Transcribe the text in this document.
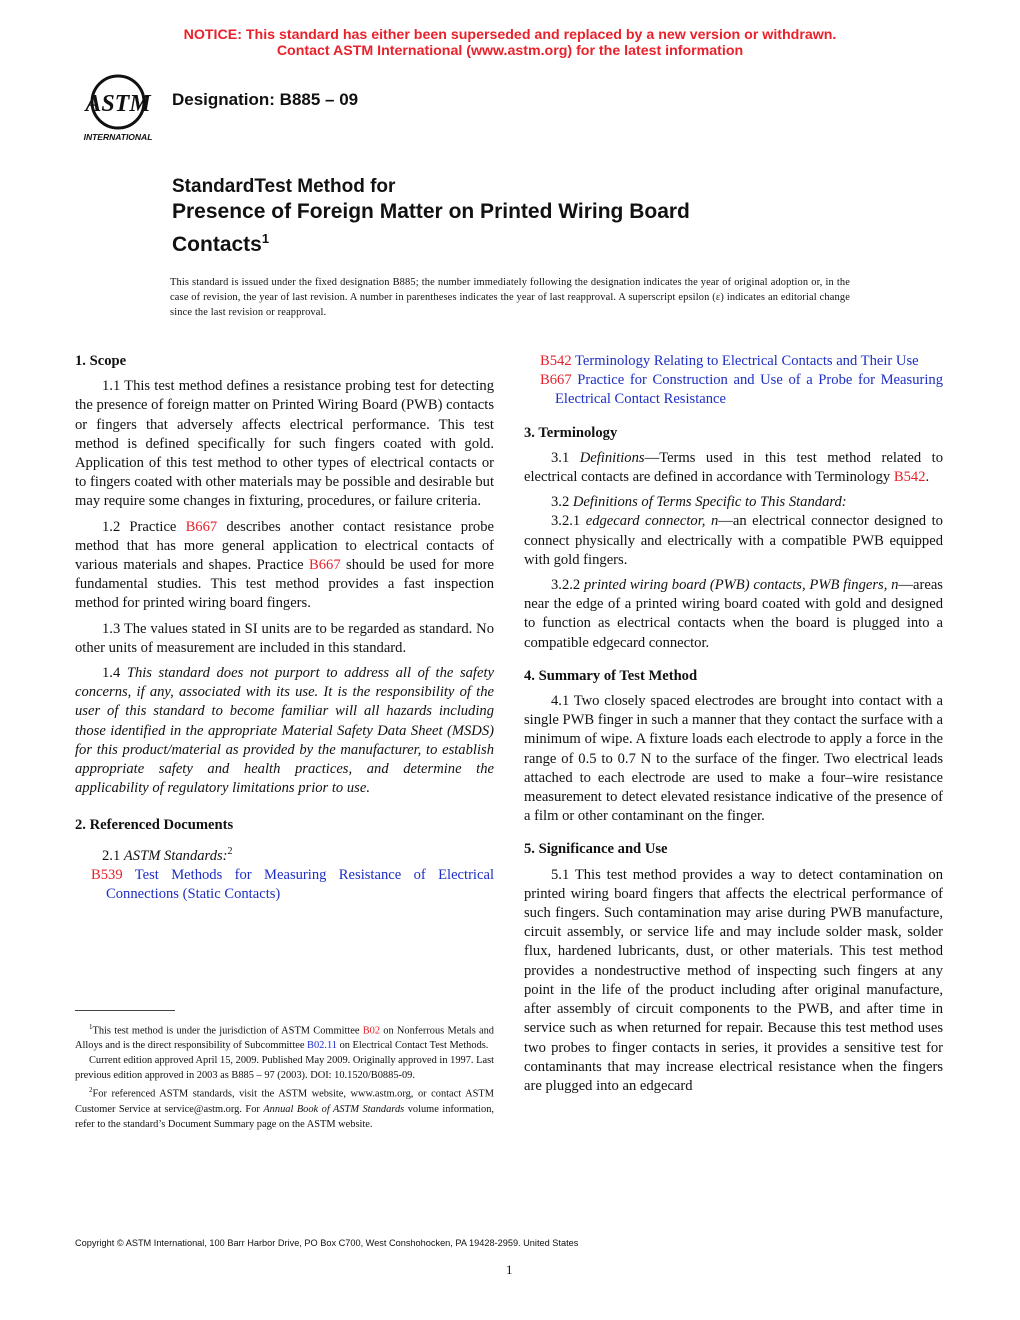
NOTICE: This standard has either been superseded and replaced by a new version or withdrawn.
Contact ASTM International (www.astm.org) for the latest information
ASTM
INTERNATIONAL
Designation: B885 – 09
StandardTest Method for
Presence of Foreign Matter on Printed Wiring Board
Contacts$^1$
This standard is issued under the fixed designation B885; the number immediately following the designation indicates the year of original adoption or, in the case of revision, the year of last revision. A number in parentheses indicates the year of last reapproval. A superscript epsilon (ε) indicates an editorial change since the last revision or reapproval.
1. Scope

1.1 This test method defines a resistance probing test for detecting the presence of foreign matter on Printed Wiring Board (PWB) contacts or fingers that adversely affects electrical performance. This test method is defined specifically for such fingers coated with gold. Application of this test method to other types of electrical contacts or to fingers coated with other materials may be possible and desirable but may require some changes in fixturing, procedures, or failure criteria.

1.2 Practice B667 describes another contact resistance probe method that has more general application to electrical contacts of various materials and shapes. Practice B667 should be used for more fundamental studies. This test method provides a fast inspection method for printed wiring board fingers.

1.3 The values stated in SI units are to be regarded as standard. No other units of measurement are included in this standard.

1.4 This standard does not purport to address all of the safety concerns, if any, associated with its use. It is the responsibility of the user of this standard to become familiar will all hazards including those identified in the appropriate Material Safety Data Sheet (MSDS) for this product/material as provided by the manufacturer, to establish appropriate safety and health practices, and determine the applicability of regulatory limitations prior to use.

2. Referenced Documents

2.1 ASTM Standards:$^2$

B539 Test Methods for Measuring Resistance of Electrical Connections (Static Contacts)

$^1$This test method is under the jurisdiction of ASTM Committee B02 on Nonferrous Metals and Alloys and is the direct responsibility of Subcommittee B02.11 on Electrical Contact Test Methods.

Current edition approved April 15, 2009. Published May 2009. Originally approved in 1997. Last previous edition approved in 2003 as B885 – 97 (2003). DOI: 10.1520/B0885-09.

$^2$For referenced ASTM standards, visit the ASTM website, www.astm.org, or contact ASTM Customer Service at service@astm.org. For Annual Book of ASTM Standards volume information, refer to the standard’s Document Summary page on the ASTM website.

B542 Terminology Relating to Electrical Contacts and Their Use

B667 Practice for Construction and Use of a Probe for Measuring Electrical Contact Resistance

3. Terminology

3.1 Definitions—Terms used in this test method related to electrical contacts are defined in accordance with Terminology B542.

3.2 Definitions of Terms Specific to This Standard:

3.2.1 edgecard connector, n—an electrical connector designed to connect physically and electrically with a compatible PWB equipped with gold fingers.

3.2.2 printed wiring board (PWB) contacts, PWB fingers, n—areas near the edge of a printed wiring board coated with gold and designed to function as electrical contacts when the board is plugged into a compatible edgecard connector.

4. Summary of Test Method

4.1 Two closely spaced electrodes are brought into contact with a single PWB finger in such a manner that they contact the surface with a minimum of wipe. A fixture loads each electrode to apply a force in the range of 0.5 to 0.7 N to the surface of the finger. Two electrical leads attached to each electrode are used to make a four–wire resistance measurement to detect elevated resistance indicative of the presence of a film or other contaminant on the finger.

5. Significance and Use

5.1 This test method provides a way to detect contamination on printed wiring board fingers that affects the electrical performance of such fingers. Such contamination may arise during PWB manufacture, circuit assembly, or service life and may include solder mask, solder flux, hardened lubricants, dust, or other materials. This test method provides a nondestructive method of inspecting such fingers at any point in the life of the product including after original manufacture, after assembly of circuit components to the PWB, and after time in service such as when returned for repair. Because this test method uses two probes to finger contacts in series, it provides a sensitive test for contaminants that may increase electrical resistance when the fingers are plugged into an edgecard

Copyright © ASTM International, 100 Barr Harbor Drive, PO Box C700, West Conshohocken, PA 19428-2959. United States
1
